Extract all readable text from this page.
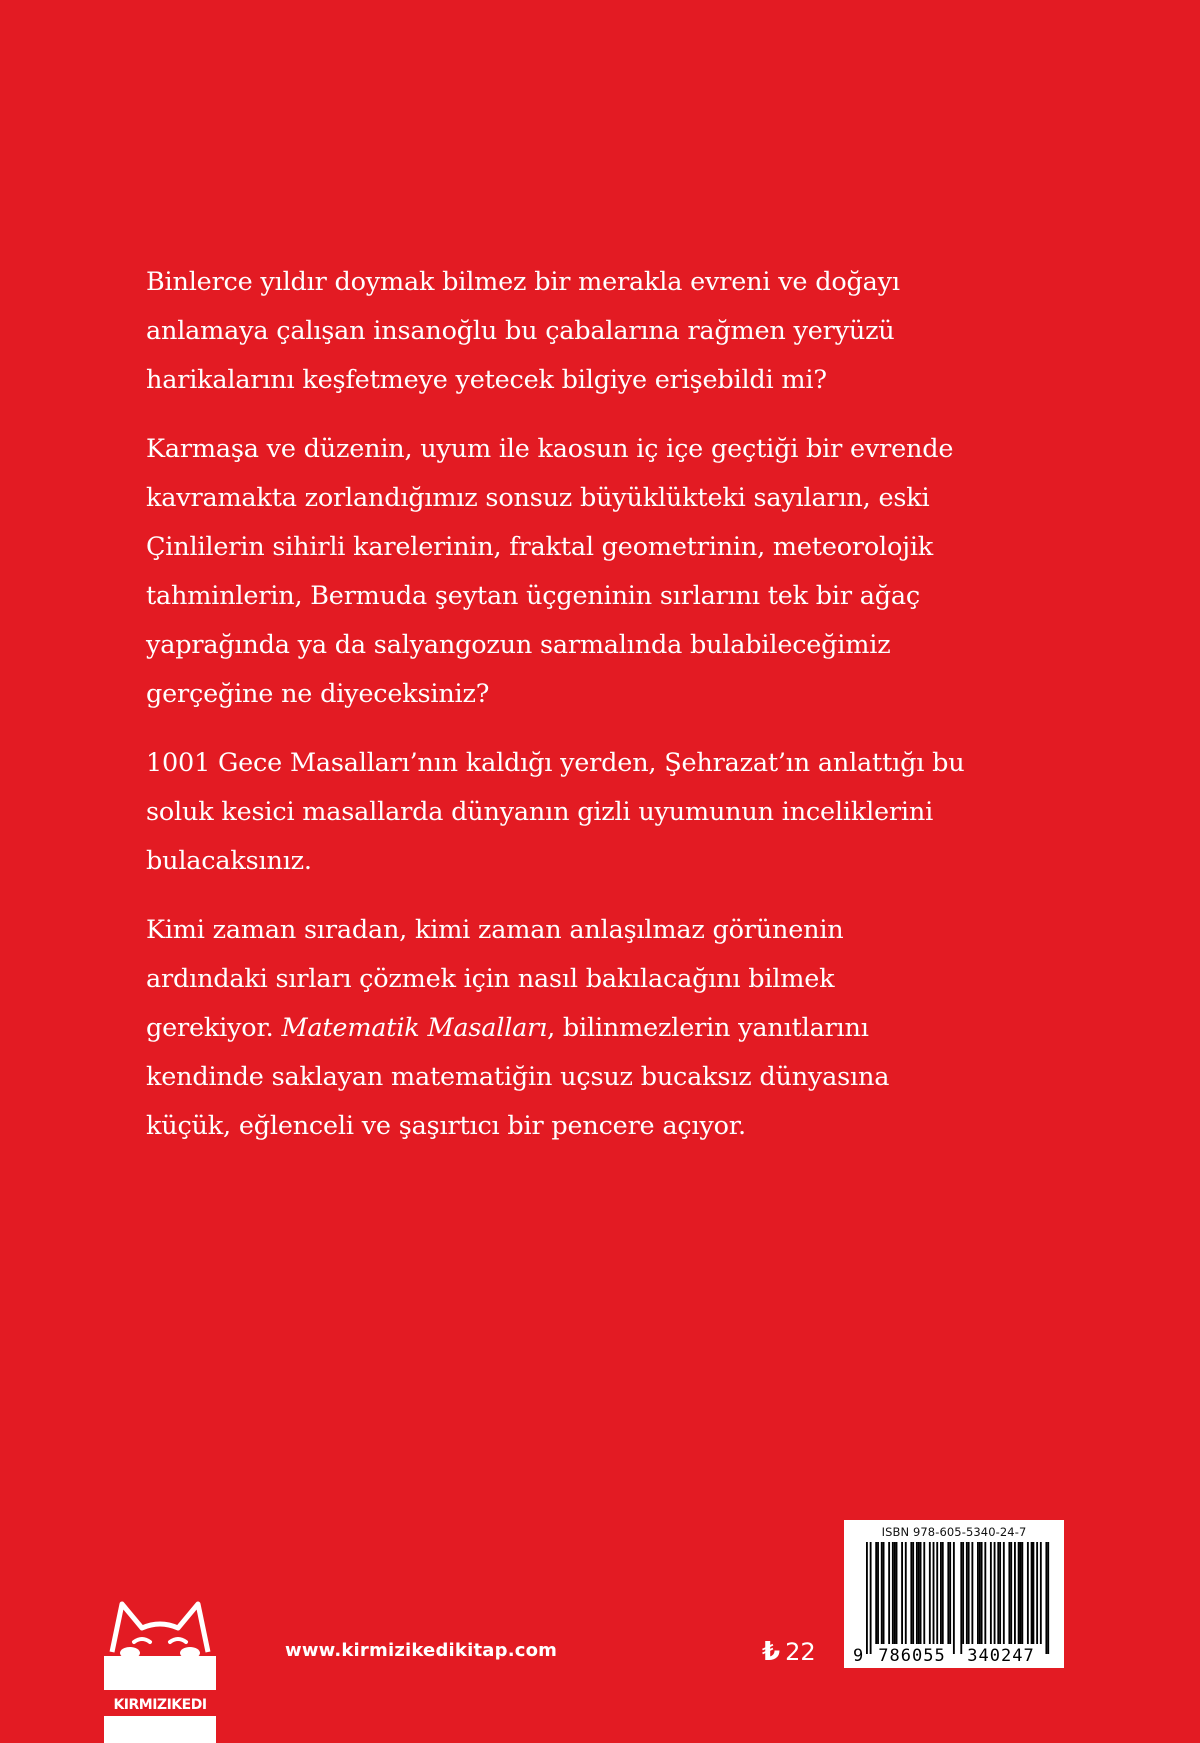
Binlerce yıldır doymak bilmez bir merakla evreni ve doğayı
anlamaya çalışan insanoğlu bu çabalarına rağmen yeryüzü
harikalarını keşfetmeye yetecek bilgiye erişebildi mi?

Karmaşa ve düzenin, uyum ile kaosun iç içe geçtiği bir evrende
kavramakta zorlandığımız sonsuz büyüklükteki sayıların, eski
Çinlilerin sihirli karelerinin, fraktal geometrinin, meteorolojik
tahminlerin, Bermuda şeytan üçgeninin sırlarını tek bir ağaç
yaprağında ya da salyangozun sarmalında bulabileceğimiz
gerçeğine ne diyeceksiniz?

1001 Gece Masalları’nın kaldığı yerden, Şehrazat’ın anlattığı bu
soluk kesici masallarda dünyanın gizli uyumunun inceliklerini
bulacaksınız.

Kimi zaman sıradan, kimi zaman anlaşılmaz görünenin
ardındaki sırları çözmek için nasıl bakılacağını bilmek
gerekiyor. Matematik Masalları, bilinmezlerin yanıtlarını
kendinde saklayan matematiğin uçsuz bucaksız dünyasına
küçük, eğlenceli ve şaşırtıcı bir pencere açıyor.

KIRMIZIKEDI
www.kirmizikedikitap.com	₺ 22
ISBN 978-605-5340-24-7
9 786055 340247
